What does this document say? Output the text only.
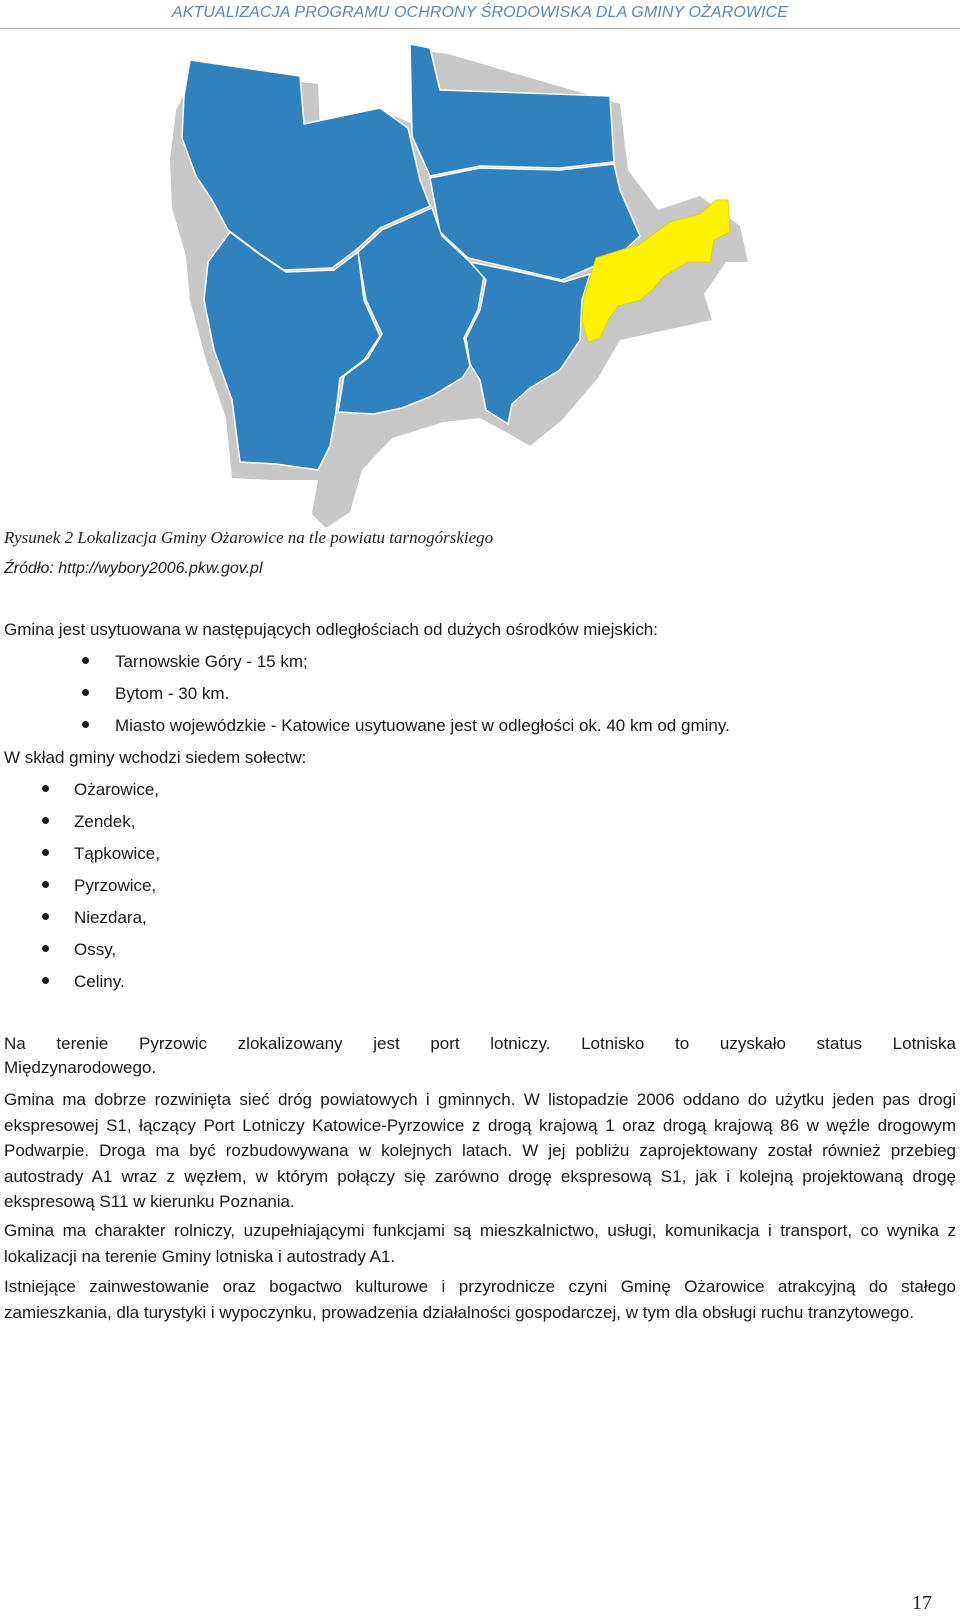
AKTUALIZACJA PROGRAMU OCHRONY ŚRODOWISKA DLA GMINY OŻAROWICE
Rysunek 2 Lokalizacja Gminy Ożarowice na tle powiatu tarnogórskiego
Źródło: http://wybory2006.pkw.gov.pl
Gmina jest usytuowana w następujących odległościach od dużych ośrodków miejskich:
Tarnowskie Góry - 15 km;
Bytom - 30 km.
Miasto wojewódzkie - Katowice usytuowane jest w odległości ok. 40 km od gminy.
W skład gminy wchodzi siedem sołectw:
Ożarowice,
Zendek,
Tąpkowice,
Pyrzowice,
Niezdara,
Ossy,
Celiny.
Na terenie Pyrzowic zlokalizowany jest port lotniczy. Lotnisko to uzyskało status Lotniska
Międzynarodowego.
Gmina ma dobrze rozwinięta sieć dróg powiatowych i gminnych. W listopadzie 2006 oddano do użytku jeden pas drogi ekspresowej S1, łączący Port Lotniczy Katowice-Pyrzowice z drogą krajową 1 oraz drogą krajową 86 w węźle drogowym Podwarpie. Droga ma być rozbudowywana w kolejnych latach. W jej pobliżu zaprojektowany został również przebieg autostrady A1 wraz z węzłem, w którym połączy się zarówno drogę ekspresową S1, jak i kolejną projektowaną drogę ekspresową S11 w kierunku Poznania.
Gmina ma charakter rolniczy, uzupełniającymi funkcjami są mieszkalnictwo, usługi, komunikacja i transport, co wynika z lokalizacji na terenie Gminy lotniska i autostrady A1.
Istniejące zainwestowanie oraz bogactwo kulturowe i przyrodnicze czyni Gminę Ożarowice atrakcyjną do stałego zamieszkania, dla turystyki i wypoczynku, prowadzenia działalności gospodarczej, w tym dla obsługi ruchu tranzytowego.
17
